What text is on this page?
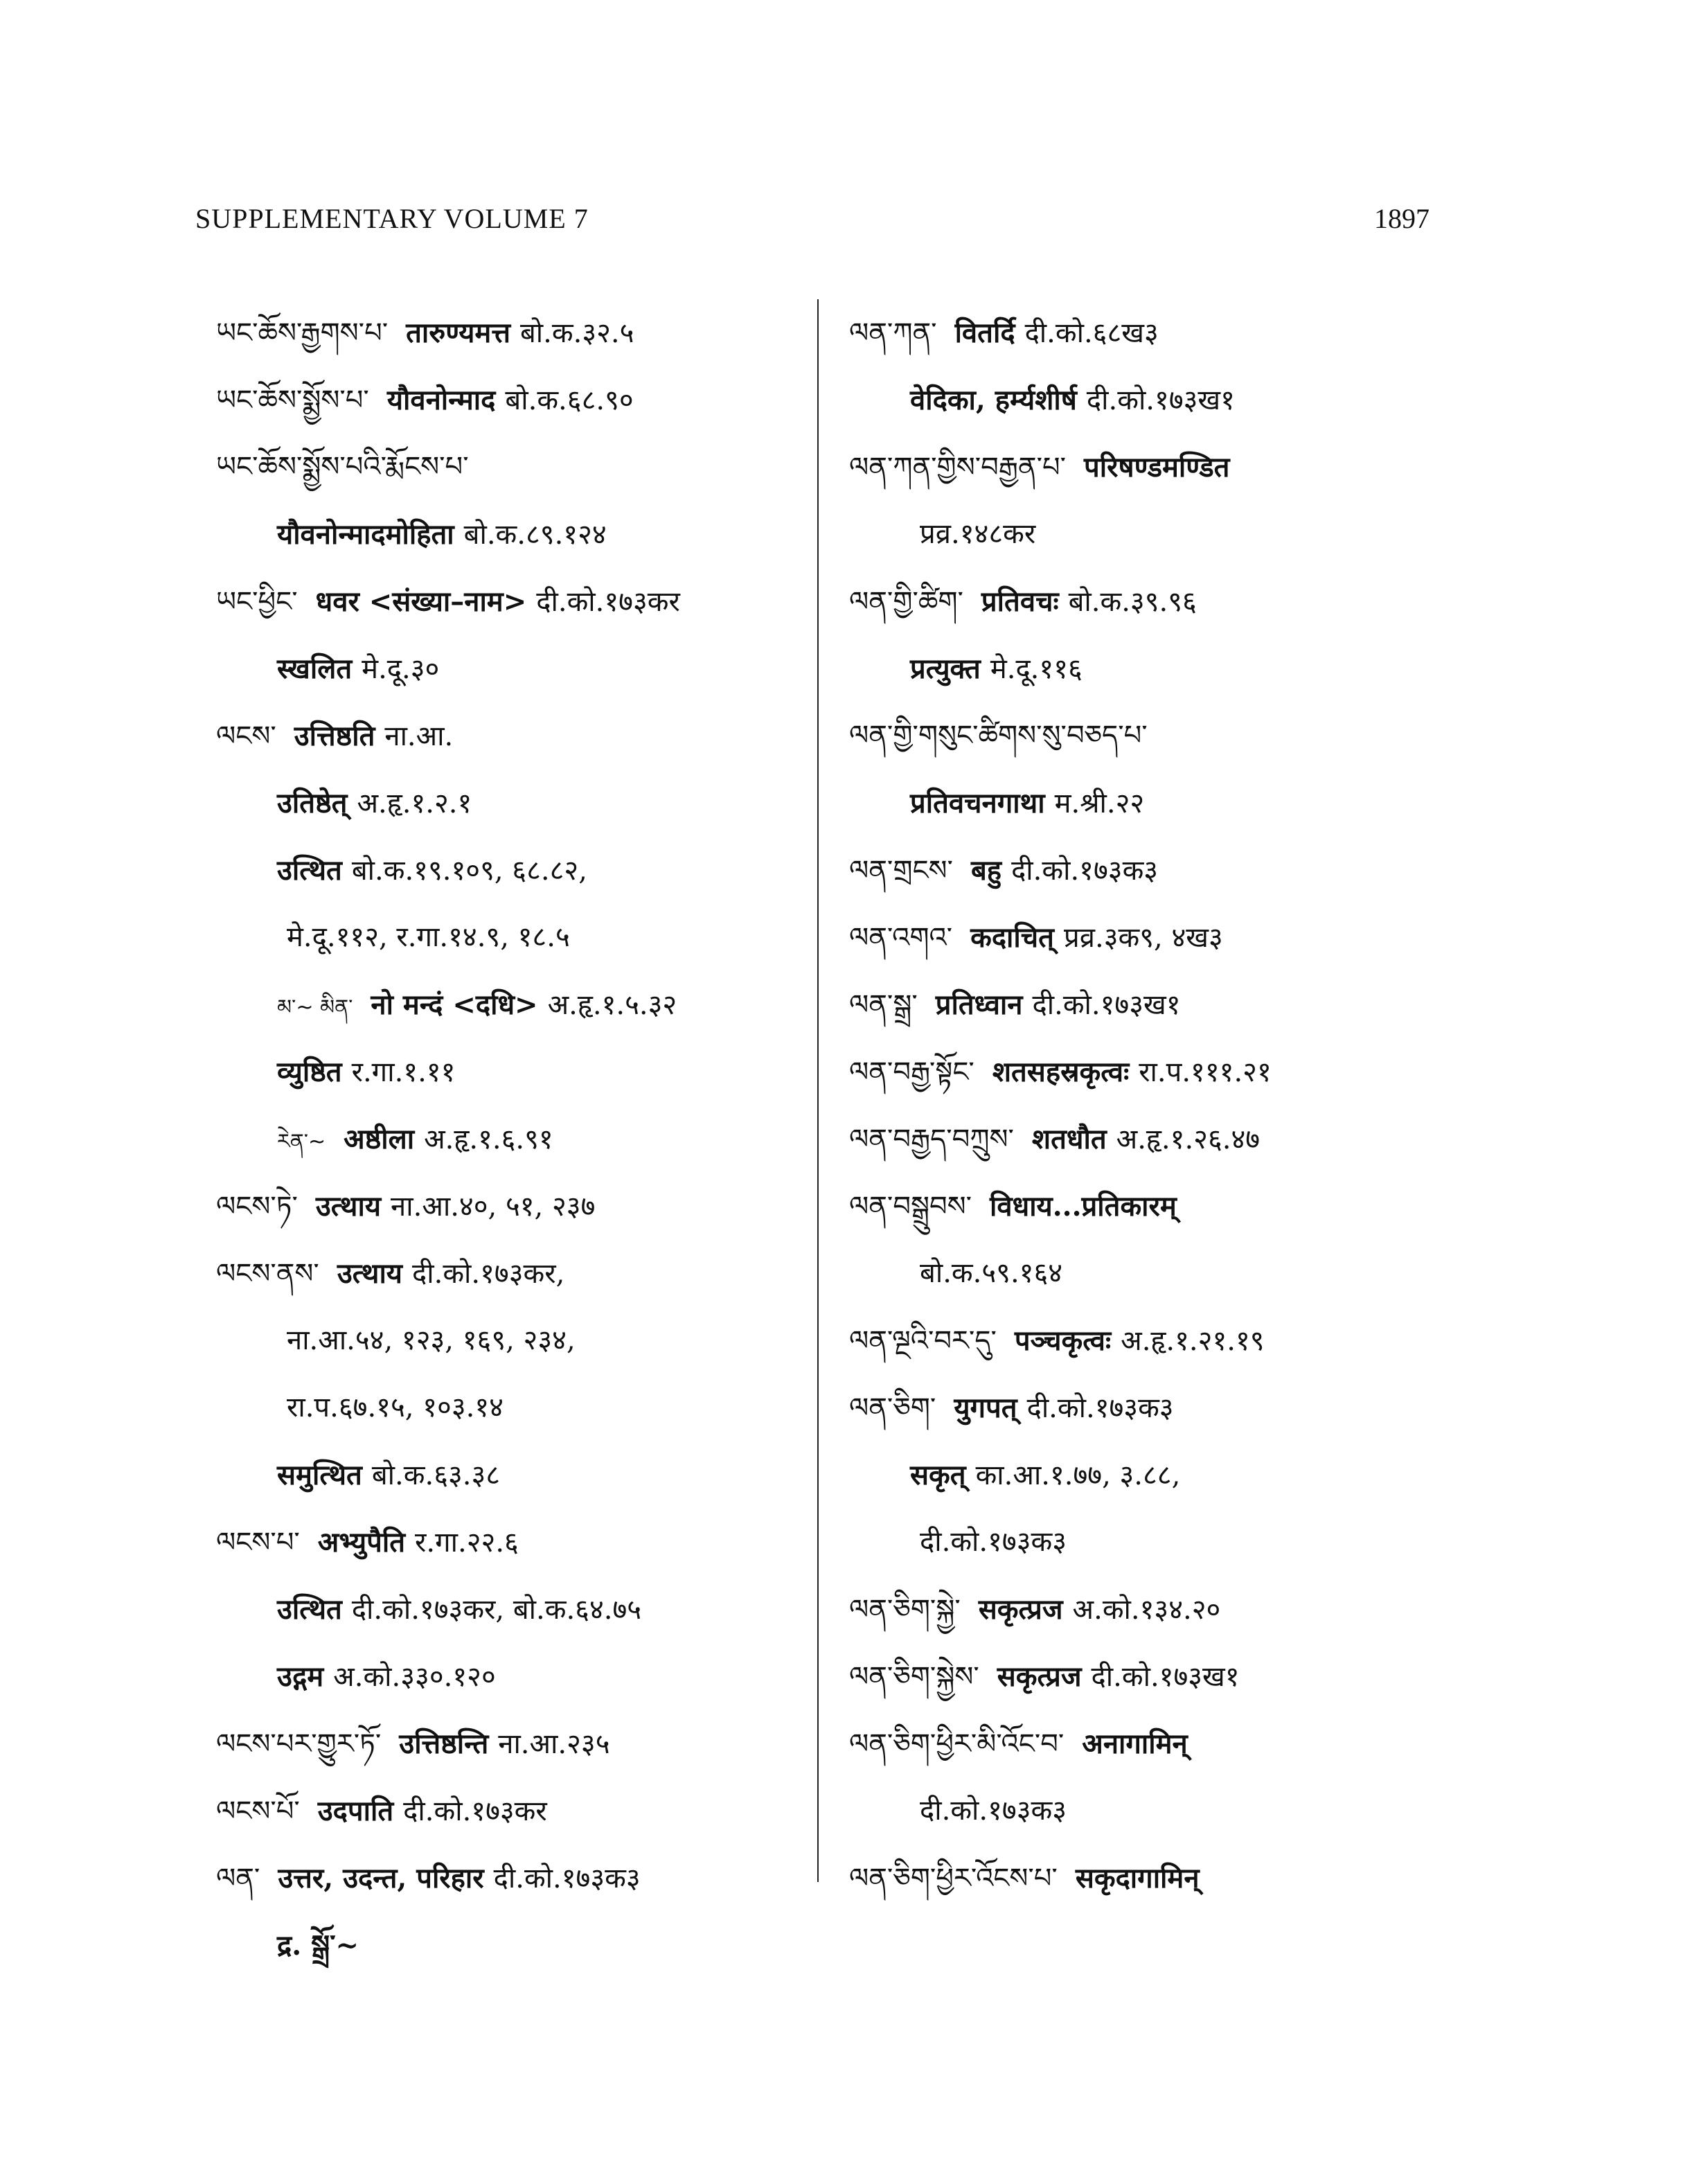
SUPPLEMENTARY VOLUME 7	1897
ཡང་ཆོས་རྒྱགས་པ་ तारुण्यमत्त बो.क.३२.५
ཡང་ཆོས་སྨྱོས་པ་ यौवनोन्माद बो.क.६८.९०
ཡང་ཆོས་སྨྱོས་པའི་རྨོངས་པ་
यौवनोन्मादमोहिता बो.क.८९.१२४
ཡང་ཕྱིང་ धवर <संख्या–नाम> दी.को.१७३कर
स्खलित मे.दू.३०
ལངས་ उत्तिष्ठति ना.आ.
उतिष्ठेत् अ.हृ.१.२.१
उत्थित बो.क.१९.१०९, ६८.८२,
मे.दू.११२, र.गा.१४.९, १८.५
མ་~ མིན་ नो मन्दं <दधि> अ.हृ.१.५.३२
व्युष्ठित र.गा.१.११
རེན་~ अष्ठीला अ.हृ.१.६.९१
ལངས་ཏེ་ उत्थाय ना.आ.४०, ५१, २३७
ལངས་ནས་ उत्थाय दी.को.१७३कर,
ना.आ.५४, १२३, १६९, २३४,
रा.प.६७.१५, १०३.१४
समुत्थित बो.क.६३.३८
ལངས་པ་ अभ्युपैति र.गा.२२.६
उत्थित दी.को.१७३कर, बो.क.६४.७५
उद्गम अ.को.३३०.१२०
ལངས་པར་གྱུར་ཏོ་ उत्तिष्ठन्ति ना.आ.२३५
ལངས་པོ་ उदपाति दी.को.१७३कर
ལན་ उत्तर, उदन्त, परिहार दी.को.१७३क३
द्र. སྒྲོ་~
ལན་ཀན་ वितर्दि दी.को.६८ख३
वेदिका, हर्म्यशीर्ष दी.को.१७३ख१
ལན་ཀན་གྱིས་བརྒྱན་པ་ परिषण्डमण्डित
प्रव्र.१४८कर
ལན་གྱི་ཚིག་ प्रतिवचः बो.क.३९.९६
प्रत्युक्त मे.दू.११६
ལན་གྱི་གསུང་ཚིགས་སུ་བཅད་པ་
प्रतिवचनगाथा म.श्री.२२
ལན་གྲངས་ बहु दी.को.१७३क३
ལན་འགའ་ कदाचित् प्रव्र.३क९, ४ख३
ལན་སྒྲ་ प्रतिध्वान दी.को.१७३ख१
ལན་བརྒྱ་སྟོང་ शतसहस्रकृत्वः रा.प.१११.२१
ལན་བརྒྱད་བཀྲུས་ शतधौत अ.हृ.१.२६.४७
ལན་བསྒྲུབས་ विधाय...प्रतिकारम्
बो.क.५९.१६४
ལན་ལྔའི་བར་དུ་ पञ्चकृत्वः अ.हृ.१.२१.१९
ལན་ཅིག་ युगपत् दी.को.१७३क३
सकृत् का.आ.१.७७, ३.८८,
दी.को.१७३क३
ལན་ཅིག་སྐྱེ་ सकृत्प्रज अ.को.१३४.२०
ལན་ཅིག་སྐྱེས་ सकृत्प्रज दी.को.१७३ख१
ལན་ཅིག་ཕྱིར་མི་འོང་བ་ अनागामिन्
दी.को.१७३क३
ལན་ཅིག་ཕྱིར་འོངས་པ་ सकृदागामिन्
